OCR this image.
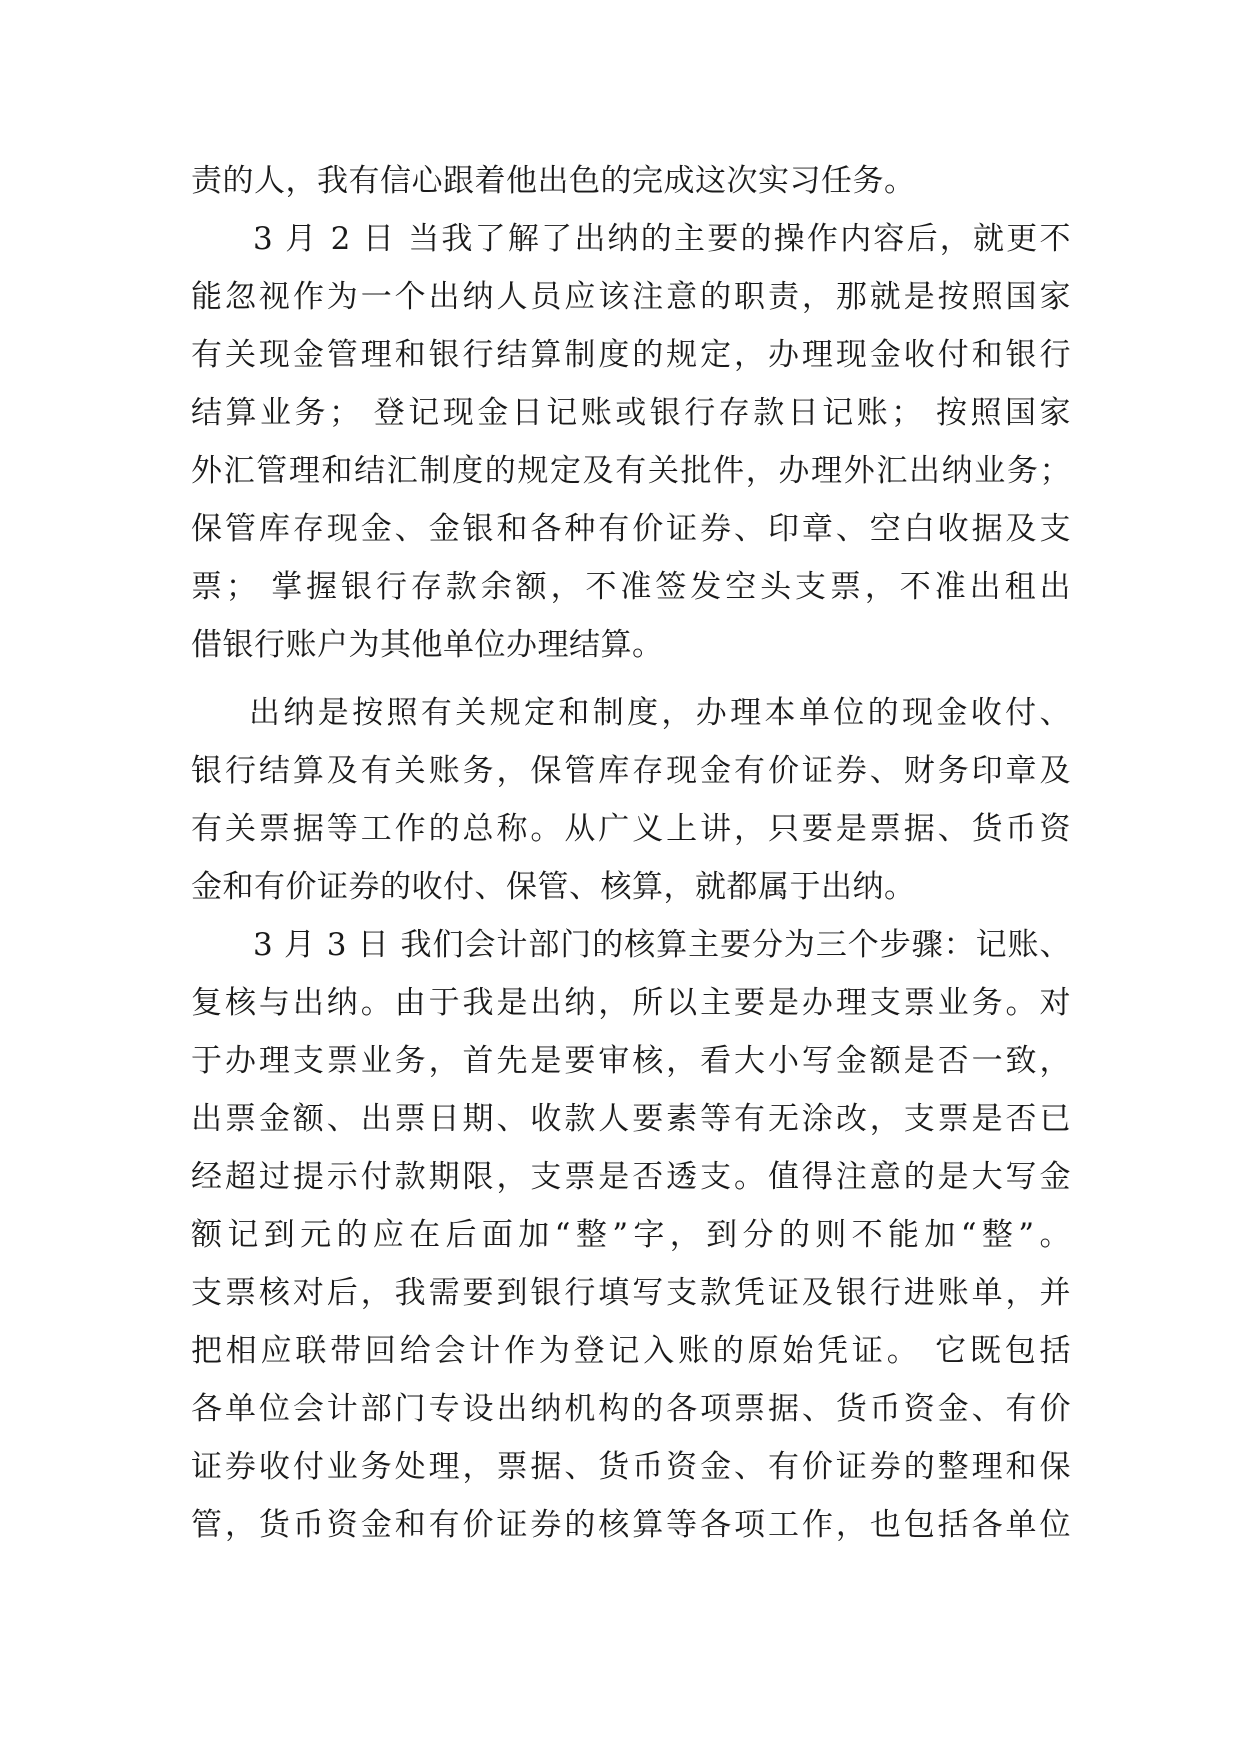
责的人，我有信心跟着他出色的完成这次实习任务。
3 月 2 日 当我了解了出纳的主要的操作内容后，就更不
能忽视作为一个出纳人员应该注意的职责，那就是按照国家
有关现金管理和银行结算制度的规定，办理现金收付和银行
结算业务； 登记现金日记账或银行存款日记账； 按照国家
外汇管理和结汇制度的规定及有关批件，办理外汇出纳业务；
保管库存现金、金银和各种有价证券、印章、空白收据及支
票； 掌握银行存款余额，不准签发空头支票，不准出租出
借银行账户为其他单位办理结算。
出纳是按照有关规定和制度，办理本单位的现金收付、
银行结算及有关账务，保管库存现金有价证券、财务印章及
有关票据等工作的总称。从广义上讲，只要是票据、货币资
金和有价证券的收付、保管、核算，就都属于出纳。
3 月 3 日 我们会计部门的核算主要分为三个步骤：记账、
复核与出纳。由于我是出纳，所以主要是办理支票业务。对
于办理支票业务，首先是要审核，看大小写金额是否一致，
出票金额、出票日期、收款人要素等有无涂改，支票是否已
经超过提示付款期限，支票是否透支。值得注意的是大写金
额记到元的应在后面加“整”字，到分的则不能加“整”。
支票核对后，我需要到银行填写支款凭证及银行进账单，并
把相应联带回给会计作为登记入账的原始凭证。 它既包括
各单位会计部门专设出纳机构的各项票据、货币资金、有价
证券收付业务处理，票据、货币资金、有价证券的整理和保
管，货币资金和有价证券的核算等各项工作，也包括各单位
